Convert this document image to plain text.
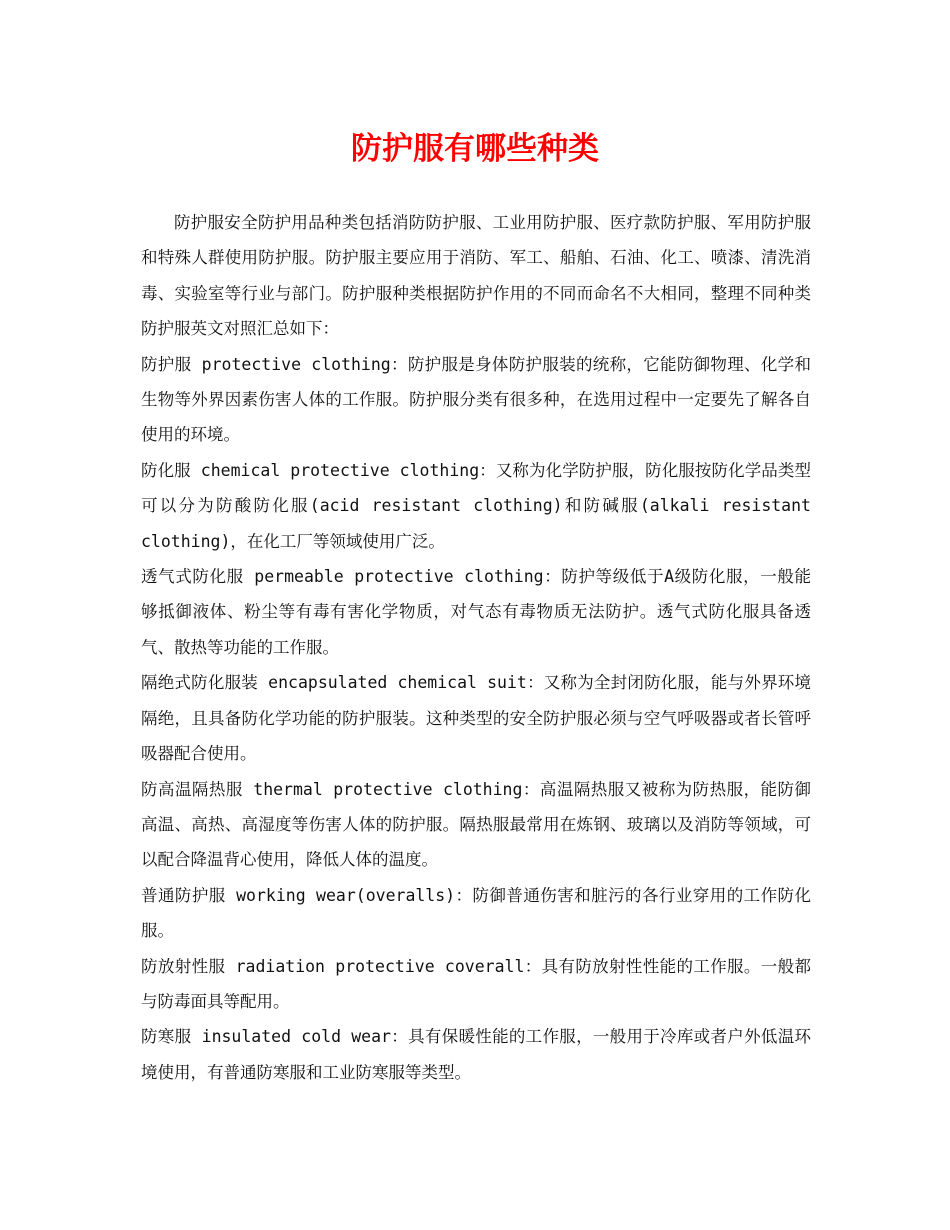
防护服有哪些种类

防护服安全防护用品种类包括消防防护服、工业用防护服、医疗款防护服、军用防护服和特殊人群使用防护服。防护服主要应用于消防、军工、船舶、石油、化工、喷漆、清洗消毒、实验室等行业与部门。防护服种类根据防护作用的不同而命名不大相同，整理不同种类防护服英文对照汇总如下：

防护服 protective clothing：防护服是身体防护服装的统称，它能防御物理、化学和生物等外界因素伤害人体的工作服。防护服分类有很多种，在选用过程中一定要先了解各自使用的环境。

防化服 chemical protective clothing：又称为化学防护服，防化服按防化学品类型可以分为防酸防化服(acid resistant clothing)和防碱服(alkali resistant clothing)，在化工厂等领域使用广泛。

透气式防化服 permeable protective clothing：防护等级低于A级防化服，一般能够抵御液体、粉尘等有毒有害化学物质，对气态有毒物质无法防护。透气式防化服具备透气、散热等功能的工作服。

隔绝式防化服装 encapsulated chemical suit：又称为全封闭防化服，能与外界环境隔绝，且具备防化学功能的防护服装。这种类型的安全防护服必须与空气呼吸器或者长管呼吸器配合使用。

防高温隔热服 thermal protective clothing：高温隔热服又被称为防热服，能防御高温、高热、高湿度等伤害人体的防护服。隔热服最常用在炼钢、玻璃以及消防等领域，可以配合降温背心使用，降低人体的温度。

普通防护服 working wear(overalls)：防御普通伤害和脏污的各行业穿用的工作防化服。

防放射性服 radiation protective coverall：具有防放射性性能的工作服。一般都与防毒面具等配用。

防寒服 insulated cold wear：具有保暖性能的工作服，一般用于冷库或者户外低温环境使用，有普通防寒服和工业防寒服等类型。
